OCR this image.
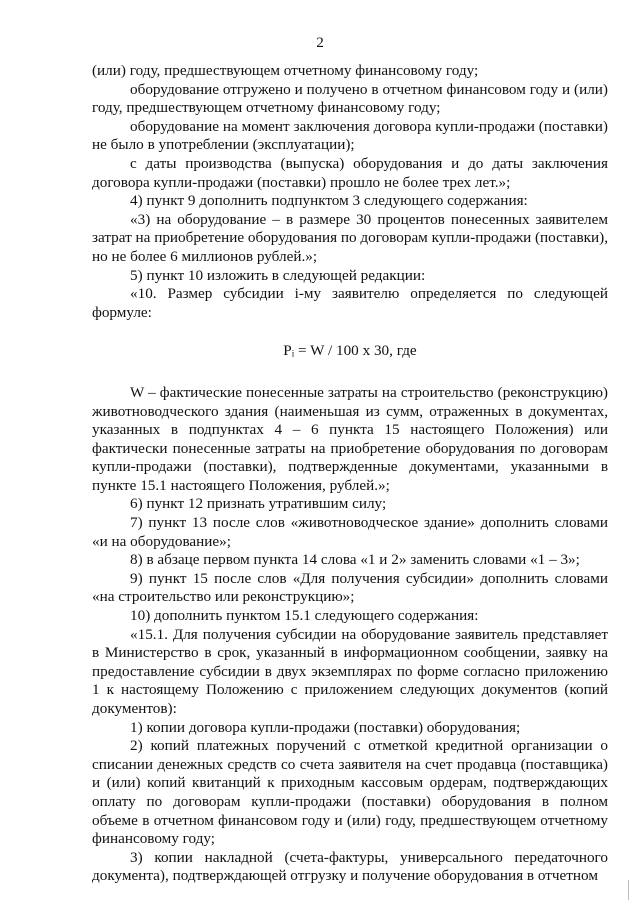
2

(или) году, предшествующем отчетному финансовому году;

оборудование отгружено и получено в отчетном финансовом году и (или) году, предшествующем отчетному финансовому году;

оборудование на момент заключения договора купли-продажи (поставки) не было в употреблении (эксплуатации);

с даты производства (выпуска) оборудования и до даты заключения договора купли-продажи (поставки) прошло не более трех лет.»;

4) пункт 9 дополнить подпунктом 3 следующего содержания:

«3) на оборудование – в размере 30 процентов понесенных заявителем затрат на приобретение оборудования по договорам купли-продажи (поставки), но не более 6 миллионов рублей.»;

5) пункт 10 изложить в следующей редакции:

«10. Размер субсидии i-му заявителю определяется по следующей формуле:

Pᵢ = W / 100 x 30, где

W – фактические понесенные затраты на строительство (реконструкцию) животноводческого здания (наименьшая из сумм, отраженных в документах, указанных в подпунктах 4 – 6 пункта 15 настоящего Положения) или фактически понесенные затраты на приобретение оборудования по договорам купли-продажи (поставки), подтвержденные документами, указанными в пункте 15.1 настоящего Положения, рублей.»;

6) пункт 12 признать утратившим силу;

7) пункт 13 после слов «животноводческое здание» дополнить словами «и на оборудование»;

8) в абзаце первом пункта 14 слова «1 и 2» заменить словами «1 – 3»;

9) пункт 15 после слов «Для получения субсидии» дополнить словами «на строительство или реконструкцию»;

10) дополнить пунктом 15.1 следующего содержания:

«15.1. Для получения субсидии на оборудование заявитель представляет в Министерство в срок, указанный в информационном сообщении, заявку на предоставление субсидии в двух экземплярах по форме согласно приложению 1 к настоящему Положению с приложением следующих документов (копий документов):

1) копии договора купли-продажи (поставки) оборудования;

2) копий платежных поручений с отметкой кредитной организации о списании денежных средств со счета заявителя на счет продавца (поставщика) и (или) копий квитанций к приходным кассовым ордерам, подтверждающих оплату по договорам купли-продажи (поставки) оборудования в полном объеме в отчетном финансовом году и (или) году, предшествующем отчетному финансовому году;

3) копии накладной (счета-фактуры, универсального передаточного документа), подтверждающей отгрузку и получение оборудования в отчетном
